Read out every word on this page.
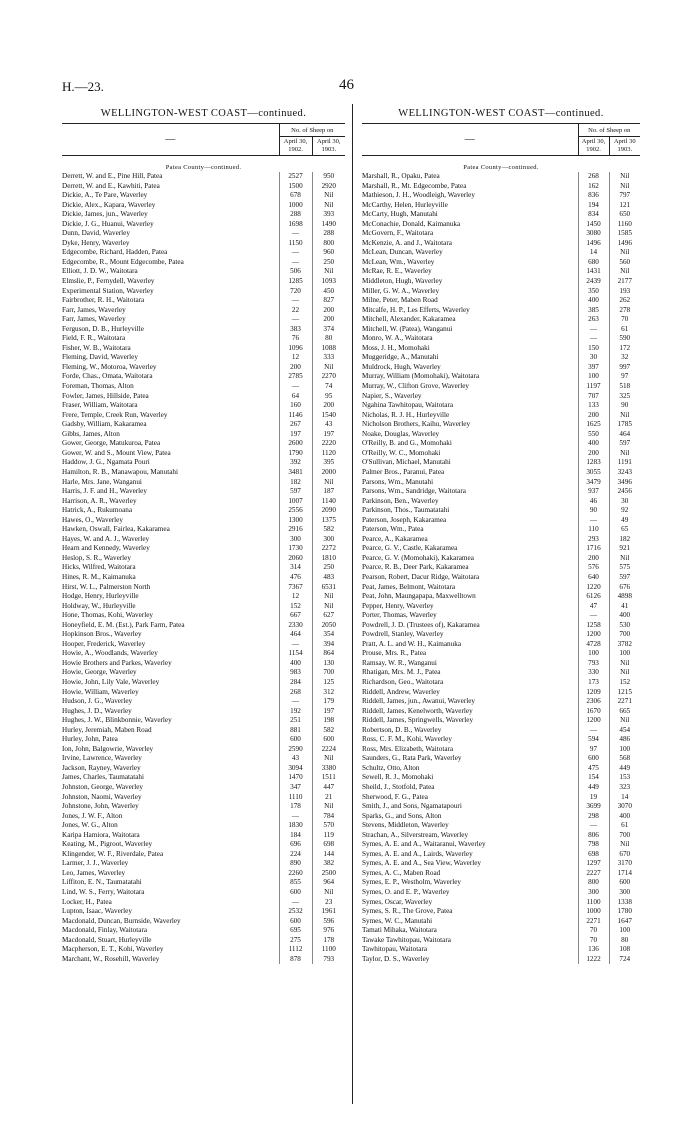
H.—23.	46
WELLINGTON-WEST COAST—continued.
—	No. of Sheep on	
	April 30, 1902.	April 30, 1903.
Patea County—continued.		
Derrett, W. and E., Pine Hill, Patea	2527	950
Derrett, W. and E., Kawhiti, Patea	1500	2920
Dickie, A., Te Pare, Waverley	678	Nil
Dickie, Alex., Kapara, Waverley	1000	Nil
Dickie, James, jun., Waverley	288	393
Dickie, J. G., Huanui, Waverley	1698	1490
Dunn, David, Waverley	—	288
Dyke, Henry, Waverley	1150	800
Edgecombe, Richard, Hadden, Patea	—	960
Edgecombe, R., Mount Edgecombe, Patea	—	250
Elliott, J. D. W., Waitotara	506	Nil
Elmslie, P., Fernydell, Waverley	1285	1093
Experimental Station, Waverley	720	450
Fairbrother, R. H., Waitotara	—	827
Farr, James, Waverley	22	200
Farr, James, Waverley	—	200
Ferguson, D. B., Hurleyville	383	374
Field, F. R., Waitotara	76	80
Fisher, W. B., Waitotara	1096	1088
Fleming, David, Waverley	12	333
Fleming, W., Motoroa, Waverley	200	Nil
Forde, Chas., Omata, Waitotara	2785	2270
Foreman, Thomas, Alton	—	74
Fowler, James, Hillside, Patea	64	95
Fraser, William, Waitotara	160	200
Frere, Temple, Creek Run, Waverley	1146	1540
Gadsby, William, Kakaramea	267	43
Gibbs, James, Alton	197	197
Gower, George, Matukuroa, Patea	2600	2220
Gower, W. and S., Mount View, Patea	1790	1120
Haddow, J. G., Ngamata Pouri	392	395
Hamilton, R. B., Manawapou, Manutahi	3481	2000
Harle, Mrs. Jane, Wanganui	182	Nil
Harris, J. F. and H., Waverley	597	187
Harrison, A. R., Waverley	1007	1140
Hatrick, A., Rukumoana	2556	2090
Hawes, O., Waverley	1300	1375
Hawken, Oswall, Fairlea, Kakaramea	2916	582
Hayes, W. and A. J., Waverley	300	300
Hearn and Kennedy, Waverley	1730	2272
Heslop, S. R., Waverley	2060	1810
Hicks, Wilfred, Waitotara	314	250
Hines, R. M., Kaimanuka	476	483
Hirst, W. L., Palmerston North	7367	6531
Hodge, Henry, Hurleyville	12	Nil
Holdway, W., Hurleyville	152	Nil
Hone, Thomas, Kohi, Waverley	667	627
Honeyfield, E. M. (Est.), Park Farm, Patea	2330	2050
Hopkinson Bros., Waverley	464	354
Hooper, Frederick, Waverley	—	394
Howie, A., Woodlands, Waverley	1154	864
Howie Brothers and Parkes, Waverley	400	130
Howie, George, Waverley	983	700
Howie, John, Lily Vale, Waverley	284	125
Howie, William, Waverley	268	312
Hudson, J. G., Waverley	—	179
Hughes, J. D., Waverley	192	197
Hughes, J. W., Blinkbonnie, Waverley	251	198
Hurley, Jeremiah, Maben Road	881	582
Hurley, John, Patea	600	600
Ion, John, Balgowrie, Waverley	2590	2224
Irvine, Lawrence, Waverley	43	Nil
Jackson, Rayney, Waverley	3094	3380
James, Charles, Taumatatahi	1470	1511
Johnston, George, Waverley	347	447
Johnston, Naomi, Waverley	1110	21
Johnstone, John, Waverley	178	Nil
Jones, J. W. F., Alton	—	784
Jones, W. G., Alton	1830	570
Karipa Hamiora, Waitotara	184	119
Keating, M., Pigroot, Waverley	696	698
Klingender, W. F., Riverdale, Patea	224	144
Larmer, J. J., Waverley	890	382
Leo, James, Waverley	2260	2500
Liffiton, E. N., Taumatatahi	855	964
Lind, W. S., Ferry, Waitotara	600	Nil
Locker, H., Patea	—	23
Lupton, Isaac, Waverley	2532	1961
Macdonald, Duncan, Burnside, Waverley	600	596
Macdonald, Finlay, Waitotara	695	976
Macdonald, Stuart, Hurleyville	275	178
Macpherson, E. T., Kohi, Waverley	1112	1100
Marchant, W., Rosehill, Waverley	878	793
WELLINGTON-WEST COAST—continued.
—	No. of Sheep on	
	April 30, 1902.	April 30 1903.
Patea County—continued.		
Marshall, R., Opaku, Patea	268	Nil
Marshall, R., Mt. Edgecombe, Patea	162	Nil
Mathieson, J. H., Woodleigh, Waverley	836	797
McCarthy, Helen, Hurleyville	194	121
McCarty, Hugh, Manutahi	834	650
McConachie, Donald, Kaimanuka	1450	1160
McGovern, F., Waitotara	3080	1585
McKenzie, A. and J., Waitotara	1496	1496
McLean, Duncan, Waverley	14	Nil
McLean, Wm., Waverley	680	560
McRae, R. E., Waverley	1431	Nil
Middleton, Hugh, Waverley	2439	2177
Miller, G. W. A., Waverley	350	193
Milne, Peter, Maben Road	400	262
Mitcalfe, H. P., Les Efferts, Waverley	385	278
Mitchell, Alexander, Kakaramea	263	70
Mitchell, W. (Patea), Wanganui	—	61
Monro, W. A., Waitotara	—	590
Moss, J. H., Momohaki	150	172
Muggeridge, A., Manutahi	30	32
Muldrock, Hugh, Waverley	397	997
Murray, William (Momohaki), Waitotara	100	97
Murray, W., Clifton Grove, Waverley	1197	518
Napier, S., Waverley	707	325
Ngahina Tawhitopau, Waitotara	133	90
Nicholas, R. J. H., Hurleyville	200	Nil
Nicholson Brothers, Kaihu, Waverley	1625	1785
Noake, Douglas, Waverley	550	464
O'Reilly, B. and G., Momohaki	400	597
O'Reilly, W. C., Momohaki	200	Nil
O'Sullivan, Michael, Manutahi	1283	1191
Palmer Bros., Paranui, Patea	3055	3243
Parsons, Wm., Manutahi	3479	3496
Parsons, Wm., Sandridge, Waitotara	937	2456
Parkinson, Ben., Waverley	46	30
Parkinson, Thos., Taumatatahi	90	92
Paterson, Joseph, Kakaramea	—	49
Paterson, Wm., Patea	110	65
Pearce, A., Kakaramea	293	182
Pearce, G. V., Castle, Kakaramea	1716	921
Pearce, G. V. (Momohaki), Kakaramea	200	Nil
Pearce, R. B., Deer Park, Kakaramea	576	575
Pearson, Robert, Dacur Ridge, Waitotara	640	597
Peat, James, Belmont, Waitotara	1220	676
Peat, John, Maungapapa, Maxwelltown	6126	4898
Pepper, Henry, Waverley	47	41
Porter, Thomas, Waverley	—	400
Powdrell, J. D. (Trustees of), Kakaramea	1258	530
Powdrell, Stanley, Waverley	1200	700
Pratt, A. L. and W. H., Kaimanuka	4728	3782
Prouse, Mrs. R., Patea	100	100
Ramsay, W. R., Wanganui	793	Nil
Rhatigan, Mrs. M. J., Patea	330	Nil
Richardson, Geo., Waitotara	173	152
Riddell, Andrew, Waverley	1209	1215
Riddell, James, jun., Awanui, Waverley	2306	2271
Riddell, James, Kenelworth, Waverley	1670	665
Riddell, James, Springwells, Waverley	1200	Nil
Robertson, D. B., Waverley	—	454
Ross, C. F. M., Kohi, Waverley	594	486
Ross, Mrs. Elizabeth, Waitotara	97	100
Saunders, G., Rata Park, Waverley	600	568
Schultz, Otto, Alton	475	449
Sewell, R. J., Momohaki	154	153
Sheild, J., Stotfold, Patea	449	323
Sherwood, F. G., Patea	19	14
Smith, J., and Sons, Ngamatapouri	3699	3070
Sparks, G., and Sons, Alton	298	400
Stevens, Middleton, Waverley	—	61
Strachan, A., Silverstream, Waverley	806	700
Symes, A. E. and A., Waitaranui, Waverley	798	Nil
Symes, A. E. and A., Lairds, Waverley	698	670
Symes, A. E. and A., Sea View, Waverley	1297	3170
Symes, A. C., Maben Road	2227	1714
Symes, E. P., Westholm, Waverley	800	600
Symes, O. and E. P., Waverley	300	300
Symes, Oscar, Waverley	1100	1338
Symes, S. R., The Grove, Patea	1000	1780
Symes, W. C., Manutahi	2271	1647
Tamati Mihaka, Waitotara	70	100
Tawake Tawhitopau, Waitotara	70	80
Tawhitopau, Waitotara	136	108
Taylor, D. S., Waverley	1222	724
